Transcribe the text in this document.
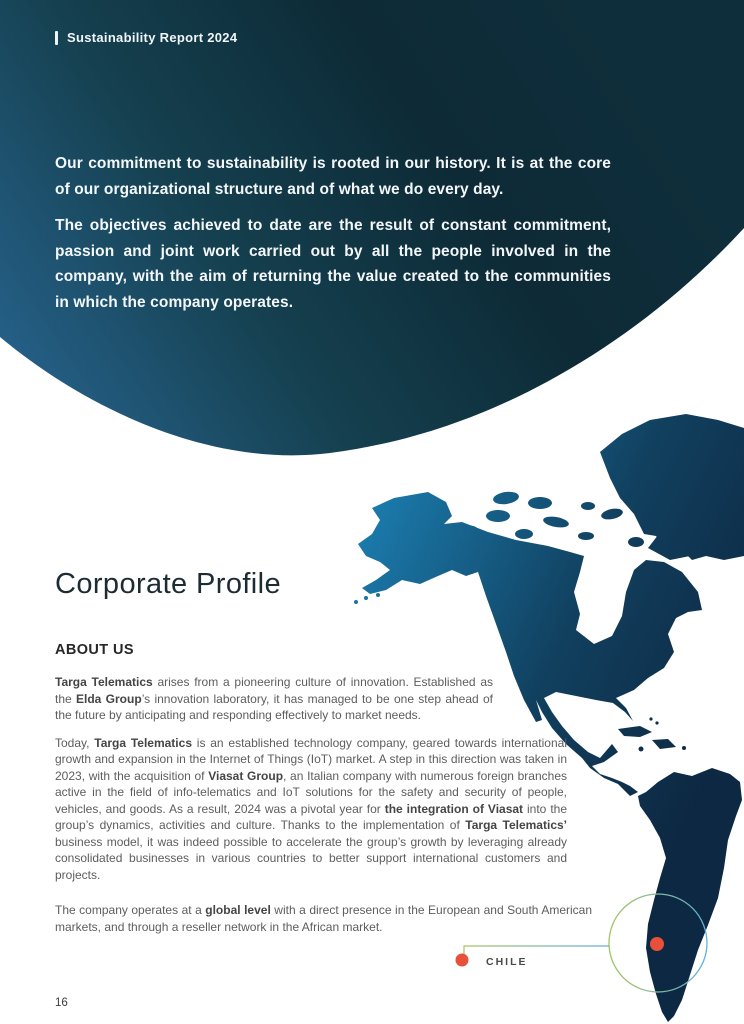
CHILE
Sustainability Report 2024

Our commitment to sustainability is rooted in our history. It is at the core of our organizational structure and of what we do every day.

The objectives achieved to date are the result of constant commitment, passion and joint work carried out by all the people involved in the company, with the aim of returning the value created to the communities in which the company operates.

Corporate Profile
ABOUT US

Targa Telematics arises from a pioneering culture of innovation. Established as the Elda Group’s innovation laboratory, it has managed to be one step ahead of the future by anticipating and responding effectively to market needs.

Today, Targa Telematics is an established technology company, geared towards international growth and expansion in the Internet of Things (IoT) market. A step in this direction was taken in 2023, with the acquisition of Viasat Group, an Italian company with numerous foreign branches active in the field of info-telematics and IoT solutions for the safety and security of people, vehicles, and goods. As a result, 2024 was a pivotal year for the integration of Viasat into the group’s dynamics, activities and culture. Thanks to the implementation of Targa Telematics’ business model, it was indeed possible to accelerate the group’s growth by leveraging already consolidated businesses in various countries to better support international customers and projects.

The company operates at a global level with a direct presence in the European and South American markets, and through a reseller network in the African market.

16
